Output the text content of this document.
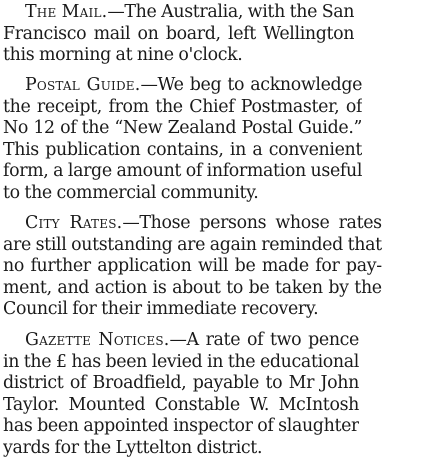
The Mail.—The Australia, with the San
Francisco mail on board, left Wellington
this morning at nine o'clock.
Postal Guide.—We beg to acknowledge
the receipt, from the Chief Postmaster, of
No 12 of the “New Zealand Postal Guide.”
This publication contains, in a convenient
form, a large amount of information useful
to the commercial community.
City Rates.—Those persons whose rates
are still outstanding are again reminded that
no further application will be made for pay-
ment, and action is about to be taken by the
Council for their immediate recovery.
Gazette Notices.—A rate of two pence
in the £ has been levied in the educational
district of Broadfield, payable to Mr John
Taylor. Mounted Constable W. McIntosh
has been appointed inspector of slaughter
yards for the Lyttelton district.
